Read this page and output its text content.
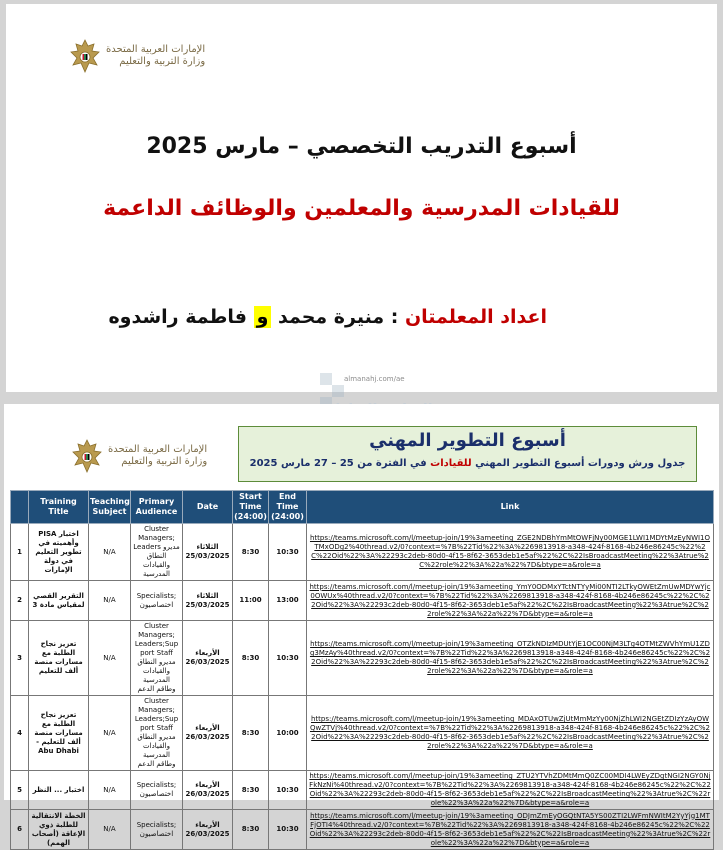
الإمارات العربية المتحدة
وزارة التربية والتعليم
أسبوع التدريب التخصصي – مارس 2025
للقيادات المدرسية والمعلمين والوظائف الداعمة
اعداد المعلمتان : منيرة محمد و فاطمة راشدوه
almanahj.com/ae
الإمارات العربية المتحدة
وزارة التربية والتعليم
أسبوع التطوير المهني
جدول ورش ودورات أسبوع التطوير المهني للقيادات في الفترة من 25 – 27 مارس 2025
	Training Title	Teaching Subject	Primary Audience	Date	Start Time (24:00)	End Time (24:00)	Link
1	اختبار PISA وأهميته في تطوير التعليم في دولة الإمارات	N/A	Cluster Managers; Leaders مديرو النطاق والقيادات المدرسية	الثلاثاء 25/03/2025	8:30	10:30	https://teams.microsoft.com/l/meetup-join/19%3ameeting_ZGE2NDBhYmMtOWFjNy00MGE1LWI1MDYtMzEyNWI1OTMxODg2%40thread.v2/0?context=%7B%22Tid%22%3A%2269813918-a348-424f-8168-4b246e86245c%22%2C%22Oid%22%3A%22293c2deb-80d0-4f15-8f62-3653deb1e5af%22%2C%22IsBroadcastMeeting%22%3Atrue%2C%22role%22%3A%22a%22%7D&btype=a&role=a
2	التقرير القصي لمقياس مادة 3	N/A	Specialists; اختصاصيون	الثلاثاء 25/03/2025	11:00	13:00	https://teams.microsoft.com/l/meetup-join/19%3ameeting_YmY0ODMxYTctNTYyMi00NTI2LTkyOWEtZmUwMDYwYjc0OWUx%40thread.v2/0?context=%7B%22Tid%22%3A%2269813918-a348-424f-8168-4b246e86245c%22%2C%22Oid%22%3A%22293c2deb-80d0-4f15-8f62-3653deb1e5af%22%2C%22IsBroadcastMeeting%22%3Atrue%2C%22role%22%3A%22a%22%7D&btype=a&role=a
3	تعزيز نجاح الطلبة مع مسارات منصة ألف للتعليم	N/A	Cluster Managers; Leaders;Sup port Staff مديرو النطاق والقيادات المدرسية وطاقم الدعم	الأربعاء 26/03/2025	8:30	10:30	https://teams.microsoft.com/l/meetup-join/19%3ameeting_OTZkNDIzMDUtYjE1OC00NjM3LTg4OTMtZWVhYmU1ZDg3MzAy%40thread.v2/0?context=%7B%22Tid%22%3A%2269813918-a348-424f-8168-4b246e86245c%22%2C%22Oid%22%3A%22293c2deb-80d0-4f15-8f62-3653deb1e5af%22%2C%22IsBroadcastMeeting%22%3Atrue%2C%22role%22%3A%22a%22%7D&btype=a&role=a
4	تعزيز نجاح الطلبة مع مسارات منصة ألف للتعليم - Abu Dhabi	N/A	Cluster Managers; Leaders;Sup port Staff مديرو النطاق والقيادات المدرسية وطاقم الدعم	الأربعاء 26/03/2025	8:30	10:00	https://teams.microsoft.com/l/meetup-join/19%3ameeting_MDAxOTUwZjUtMmMzYy00NjZhLWI2NGEtZDIzYzAyOWQwZTVj%40thread.v2/0?context=%7B%22Tid%22%3A%2269813918-a348-424f-8168-4b246e86245c%22%2C%22Oid%22%3A%22293c2deb-80d0-4f15-8f62-3653deb1e5af%22%2C%22IsBroadcastMeeting%22%3Atrue%2C%22role%22%3A%22a%22%7D&btype=a&role=a
5	اختبار ... النظر	N/A	Specialists; اختصاصيون	الأربعاء 26/03/2025	8:30	10:30	https://teams.microsoft.com/l/meetup-join/19%3ameeting_ZTU2YTVhZDMtMmQ0ZC00MDI4LWEyZDgtNGI2NGY0NjFkNzNi%40thread.v2/0?context=%7B%22Tid%22%3A%2269813918-a348-424f-8168-4b246e86245c%22%2C%22Oid%22%3A%22293c2deb-80d0-4f15-8f62-3653deb1e5af%22%2C%22IsBroadcastMeeting%22%3Atrue%2C%22role%22%3A%22a%22%7D&btype=a&role=a
6	الخطة الانتقالية للطلبة ذوي الإعاقة (أصحاب الهمم)	N/A	Specialists; اختصاصيون	الأربعاء 26/03/2025	8:30	10:30	https://teams.microsoft.com/l/meetup-join/19%3ameeting_ODJmZmEyOGQtNTA5YS00ZTI2LWFmNWItM2YyYjg1MTFjOTI4%40thread.v2/0?context=%7B%22Tid%22%3A%2269813918-a348-424f-8168-4b246e86245c%22%2C%22Oid%22%3A%22293c2deb-80d0-4f15-8f62-3653deb1e5af%22%2C%22IsBroadcastMeeting%22%3Atrue%2C%22role%22%3A%22a%22%7D&btype=a&role=a
